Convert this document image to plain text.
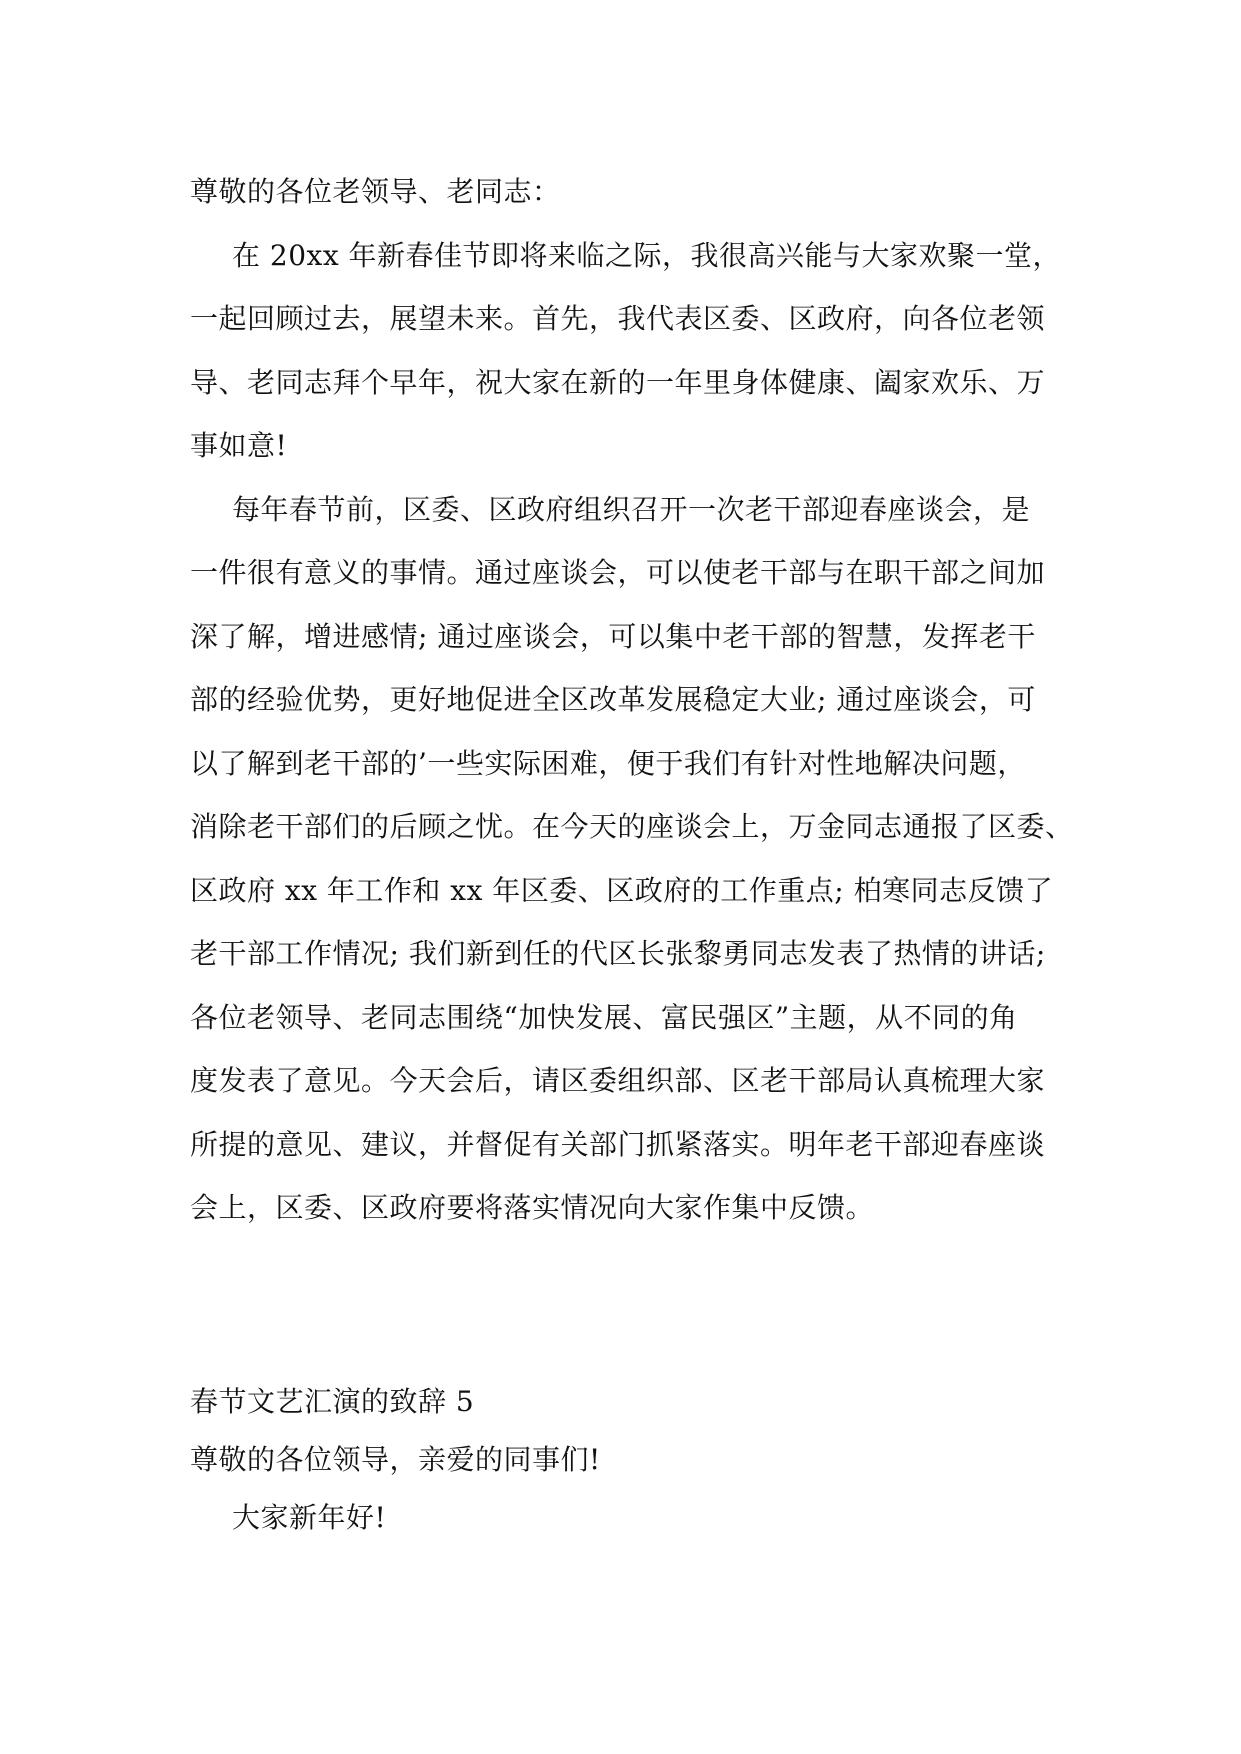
尊敬的各位老领导、老同志：
在 20xx 年新春佳节即将来临之际，我很高兴能与大家欢聚一堂，
一起回顾过去，展望未来。首先，我代表区委、区政府，向各位老领
导、老同志拜个早年，祝大家在新的一年里身体健康、阖家欢乐、万
事如意!
每年春节前，区委、区政府组织召开一次老干部迎春座谈会，是
一件很有意义的事情。通过座谈会，可以使老干部与在职干部之间加
深了解，增进感情; 通过座谈会，可以集中老干部的智慧，发挥老干
部的经验优势，更好地促进全区改革发展稳定大业; 通过座谈会，可
以了解到老干部的’一些实际困难，便于我们有针对性地解决问题，
消除老干部们的后顾之忧。在今天的座谈会上，万金同志通报了区委、
区政府 xx 年工作和 xx 年区委、区政府的工作重点; 柏寒同志反馈了
老干部工作情况; 我们新到任的代区长张黎勇同志发表了热情的讲话;
各位老领导、老同志围绕“加快发展、富民强区”主题，从不同的角
度发表了意见。今天会后，请区委组织部、区老干部局认真梳理大家
所提的意见、建议，并督促有关部门抓紧落实。明年老干部迎春座谈
会上，区委、区政府要将落实情况向大家作集中反馈。
春节文艺汇演的致辞 5
尊敬的各位领导，亲爱的同事们!
大家新年好!
